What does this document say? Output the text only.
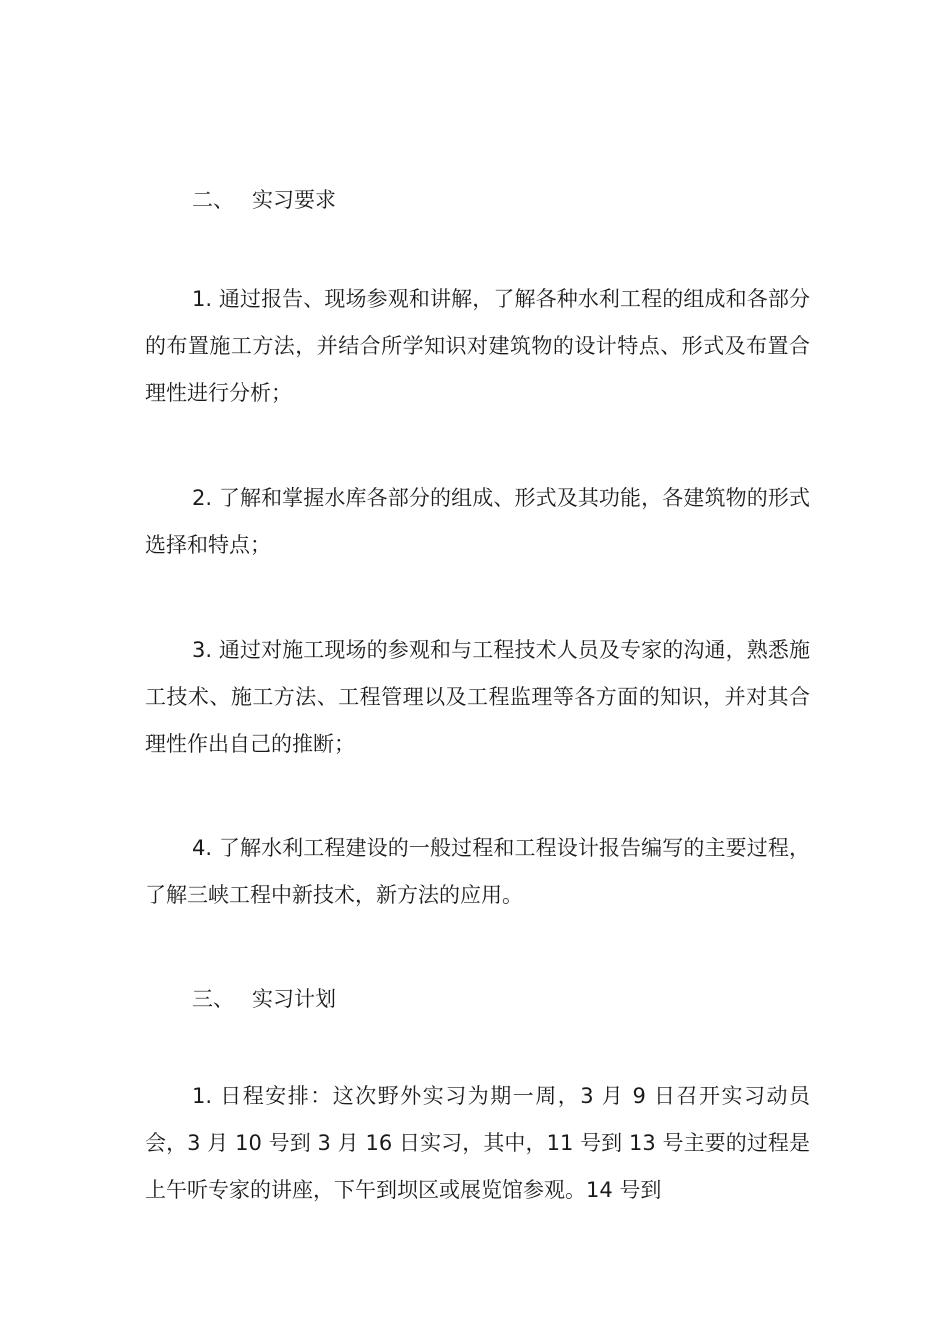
二、 实习要求

1. 通过报告、现场参观和讲解，了解各种水利工程的组成和各部分的布置施工方法，并结合所学知识对建筑物的设计特点、形式及布置合理性进行分析；

2. 了解和掌握水库各部分的组成、形式及其功能，各建筑物的形式选择和特点；

3. 通过对施工现场的参观和与工程技术人员及专家的沟通，熟悉施工技术、施工方法、工程管理以及工程监理等各方面的知识，并对其合理性作出自己的推断；

4. 了解水利工程建设的一般过程和工程设计报告编写的主要过程，了解三峡工程中新技术，新方法的应用。

三、 实习计划

1. 日程安排：这次野外实习为期一周，3 月 9 日召开实习动员会，3 月 10 号到 3 月 16 日实习，其中，11 号到 13 号主要的过程是上午听专家的讲座，下午到坝区或展览馆参观。14 号到
